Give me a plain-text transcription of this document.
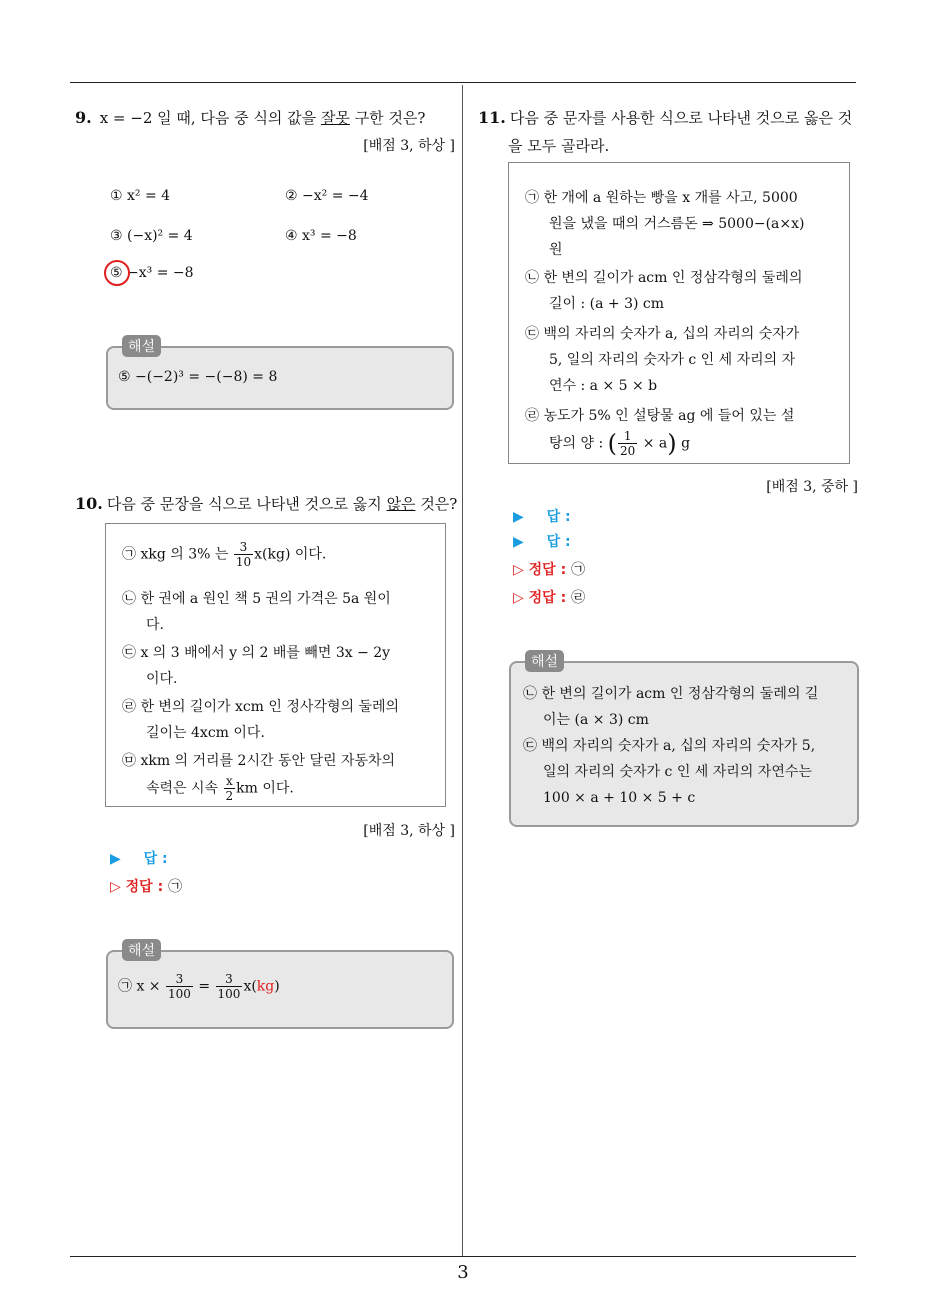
3
9. x = −2 일 때, 다음 중 식의 값을 잘못 구한 것은?
[배점 3, 하상 ]
① x² = 4	② −x² = −4
③ (−x)² = 4	④ x³ = −8
⑤ −x³ = −8
해설
⑤ −(−2)³ = −(−8) = 8
10. 다음 중 문장을 식으로 나타낸 것으로 옳지 않은 것은?
㉠ xkg 의 3% 는 $\frac{3}{10} x(kg)$ 이다.
㉡ 한 권에 a 원인 책 5 권의 가격은 5a 원이
다.
㉢ x 의 3 배에서 y 의 2 배를 빼면 3x − 2y
이다.
㉣ 한 변의 길이가 xcm 인 정사각형의 둘레의
길이는 4xcm 이다.
㉤ xkm 의 거리를 2시간 동안 달린 자동차의
속력은 시속 $\frac{x}{2}$ km 이다.
[배점 3, 하상 ]
▶ 답 :
▷ 정답 : ㉠
해설
㉠ $x \times \frac{3}{100} = \frac{3}{100} x(kg)$
11. 다음 중 문자를 사용한 식으로 나타낸 것으로 옳은 것
을 모두 골라라.
㉠ 한 개에 a 원하는 빵을 x 개를 사고, 5000
원을 냈을 때의 거스름돈 ⇒ 5000−(a×x)
원
㉡ 한 변의 길이가 acm 인 정삼각형의 둘레의
길이 : (a + 3) cm
㉢ 백의 자리의 숫자가 a, 십의 자리의 숫자가
5, 일의 자리의 숫자가 c 인 세 자리의 자
연수 : a × 5 × b
㉣ 농도가 5% 인 설탕물 ag 에 들어 있는 설
탕의 양 : ( $\frac{1}{20} \times a$) g
[배점 3, 중하 ]
▶ 답 :
▶ 답 :
▷ 정답 : ㉠
▷ 정답 : ㉣
해설
㉡ 한 변의 길이가 acm 인 정삼각형의 둘레의 길
이는 (a × 3) cm
㉢ 백의 자리의 숫자가 a, 십의 자리의 숫자가 5,
일의 자리의 숫자가 c 인 세 자리의 자연수는
100 × a + 10 × 5 + c
